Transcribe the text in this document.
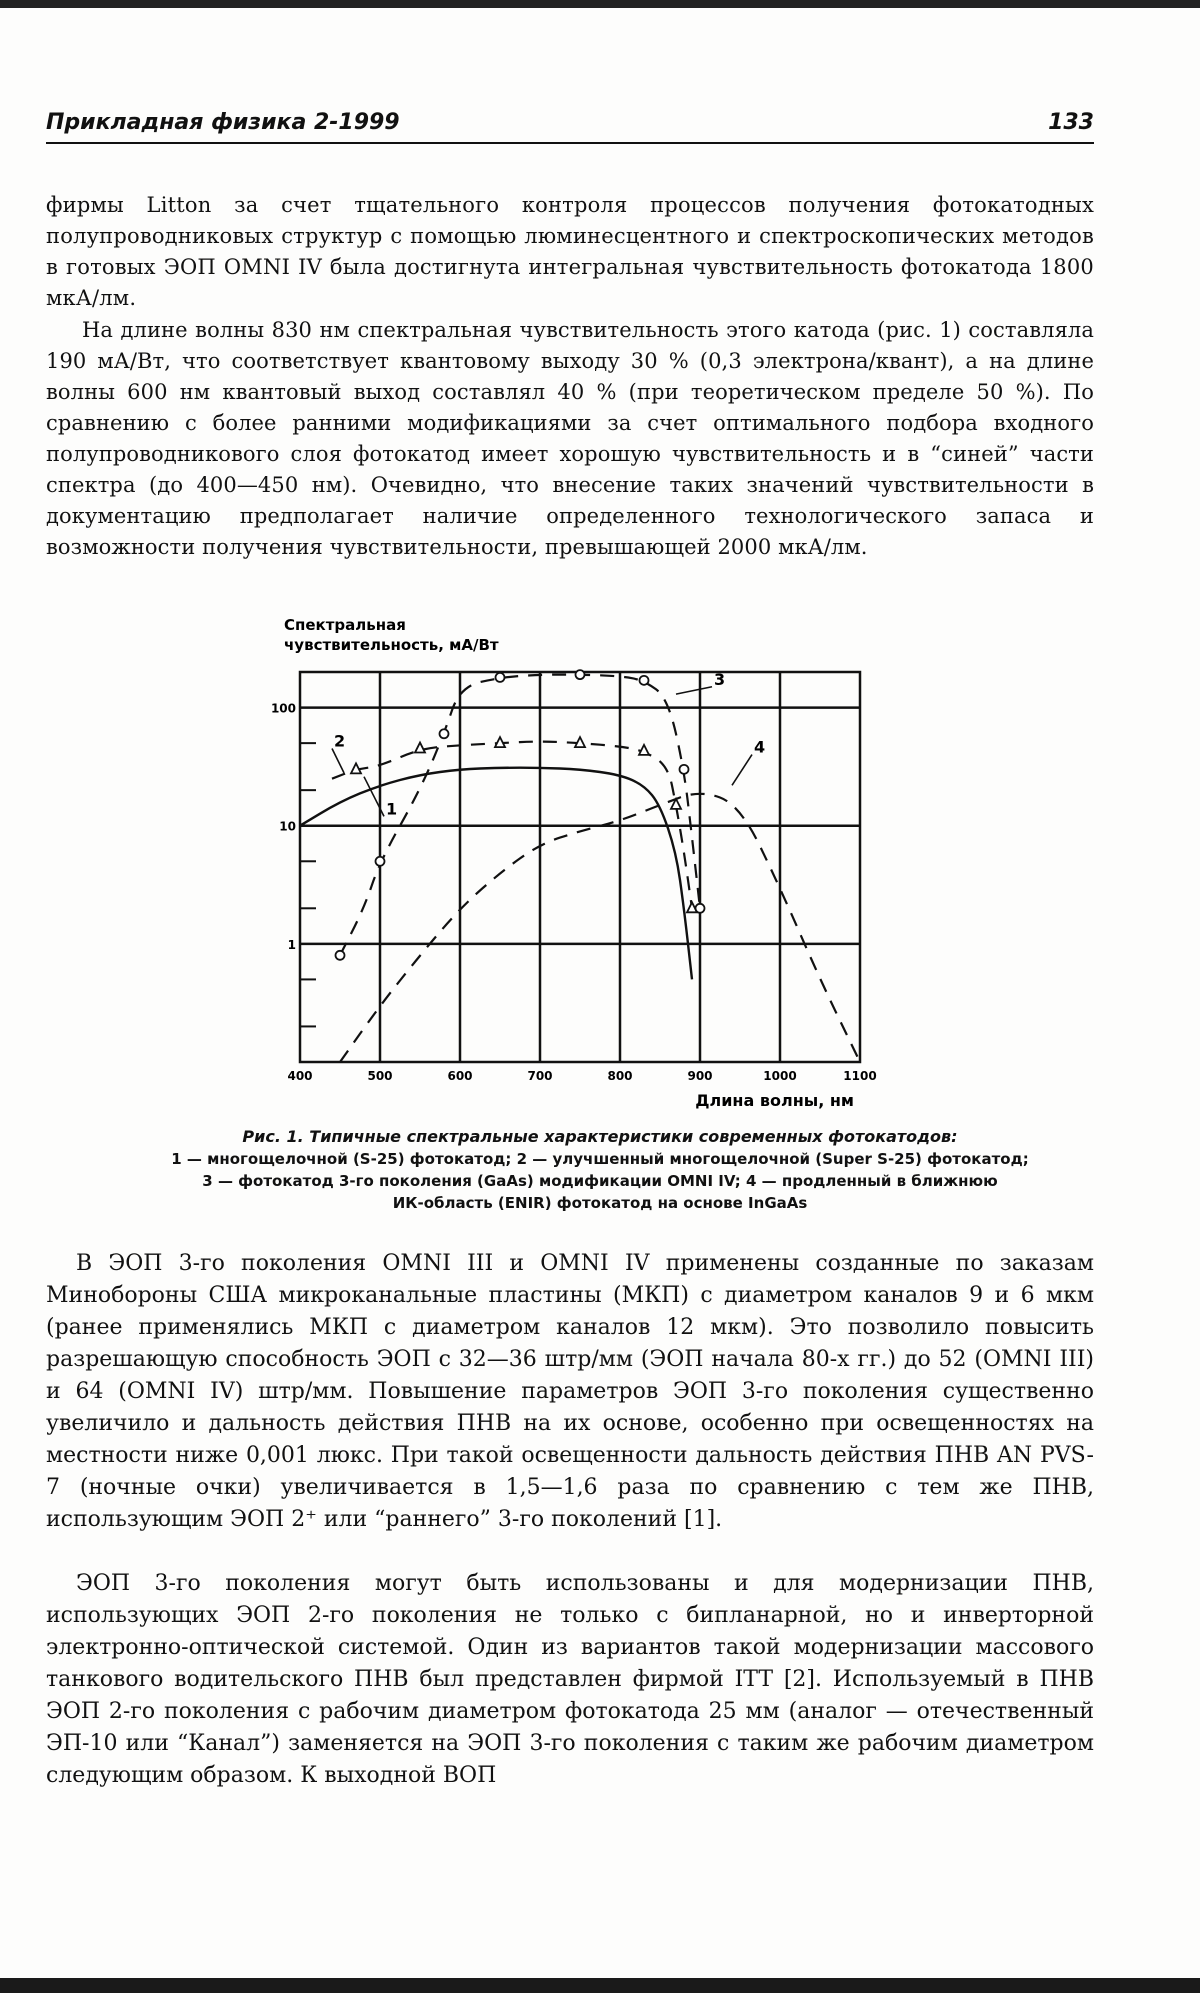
Прикладная физика 2-1999	133

фирмы Litton за счет тщательного контроля процессов получения фотокатодных полупроводниковых структур с помощью люминесцентного и спектроскопических методов в готовых ЭОП OMNI IV была достигнута интегральная чувствительность фотокатода 1800 мкА/лм.

На длине волны 830 нм спектральная чувствительность этого катода (рис. 1) составляла 190 мА/Вт, что соответствует квантовому выходу 30 % (0,3 электрона/квант), а на длине волны 600 нм квантовый выход составлял 40 % (при теоретическом пределе 50 %). По сравнению с более ранними модификациями за счет оптимального подбора входного полупроводникового слоя фотокатод имеет хорошую чувствительность и в “синей” части спектра (до 400—450 нм). Очевидно, что внесение таких значений чувствительности в документацию предполагает наличие определенного технологического запаса и возможности получения чувствительности, превышающей 2000 мкА/лм.

Спектральная
чувствительность, мА/Вт
400	500	600	700	800	900	1000	1100
100
10
1
Длина волны, нм
1
2
3
4
Рис. 1. Типичные спектральные характеристики современных фотокатодов:
1 — многощелочной (S-25) фотокатод; 2 — улучшенный многощелочной (Super S-25) фотокатод;
3 — фотокатод 3-го поколения (GaAs) модификации OMNI IV; 4 — продленный в ближнюю
ИК-область (ENIR) фотокатод на основе InGaAs

В ЭОП 3-го поколения OMNI III и OMNI IV применены созданные по заказам Минобороны США микроканальные пластины (МКП) с диаметром каналов 9 и 6 мкм (ранее применялись МКП с диаметром каналов 12 мкм). Это позволило повысить разрешающую способность ЭОП с 32—36 штр/мм (ЭОП начала 80-х гг.) до 52 (OMNI III) и 64 (OMNI IV) штр/мм. Повышение параметров ЭОП 3-го поколения существенно увеличило и дальность действия ПНВ на их основе, особенно при освещенностях на местности ниже 0,001 люкс. При такой освещенности дальность действия ПНВ AN PVS-7 (ночные очки) увеличивается в 1,5—1,6 раза по сравнению с тем же ПНВ, использующим ЭОП 2⁺ или “раннего” 3-го поколений [1].

ЭОП 3-го поколения могут быть использованы и для модернизации ПНВ, использующих ЭОП 2-го поколения не только с бипланарной, но и инверторной электронно-оптической системой. Один из вариантов такой модернизации массового танкового водительского ПНВ был представлен фирмой ITT [2]. Используемый в ПНВ ЭОП 2-го поколения с рабочим диаметром фотокатода 25 мм (аналог — отечественный ЭП-10 или “Канал”) заменяется на ЭОП 3-го поколения с таким же рабочим диаметром следующим образом. К выходной ВОП
